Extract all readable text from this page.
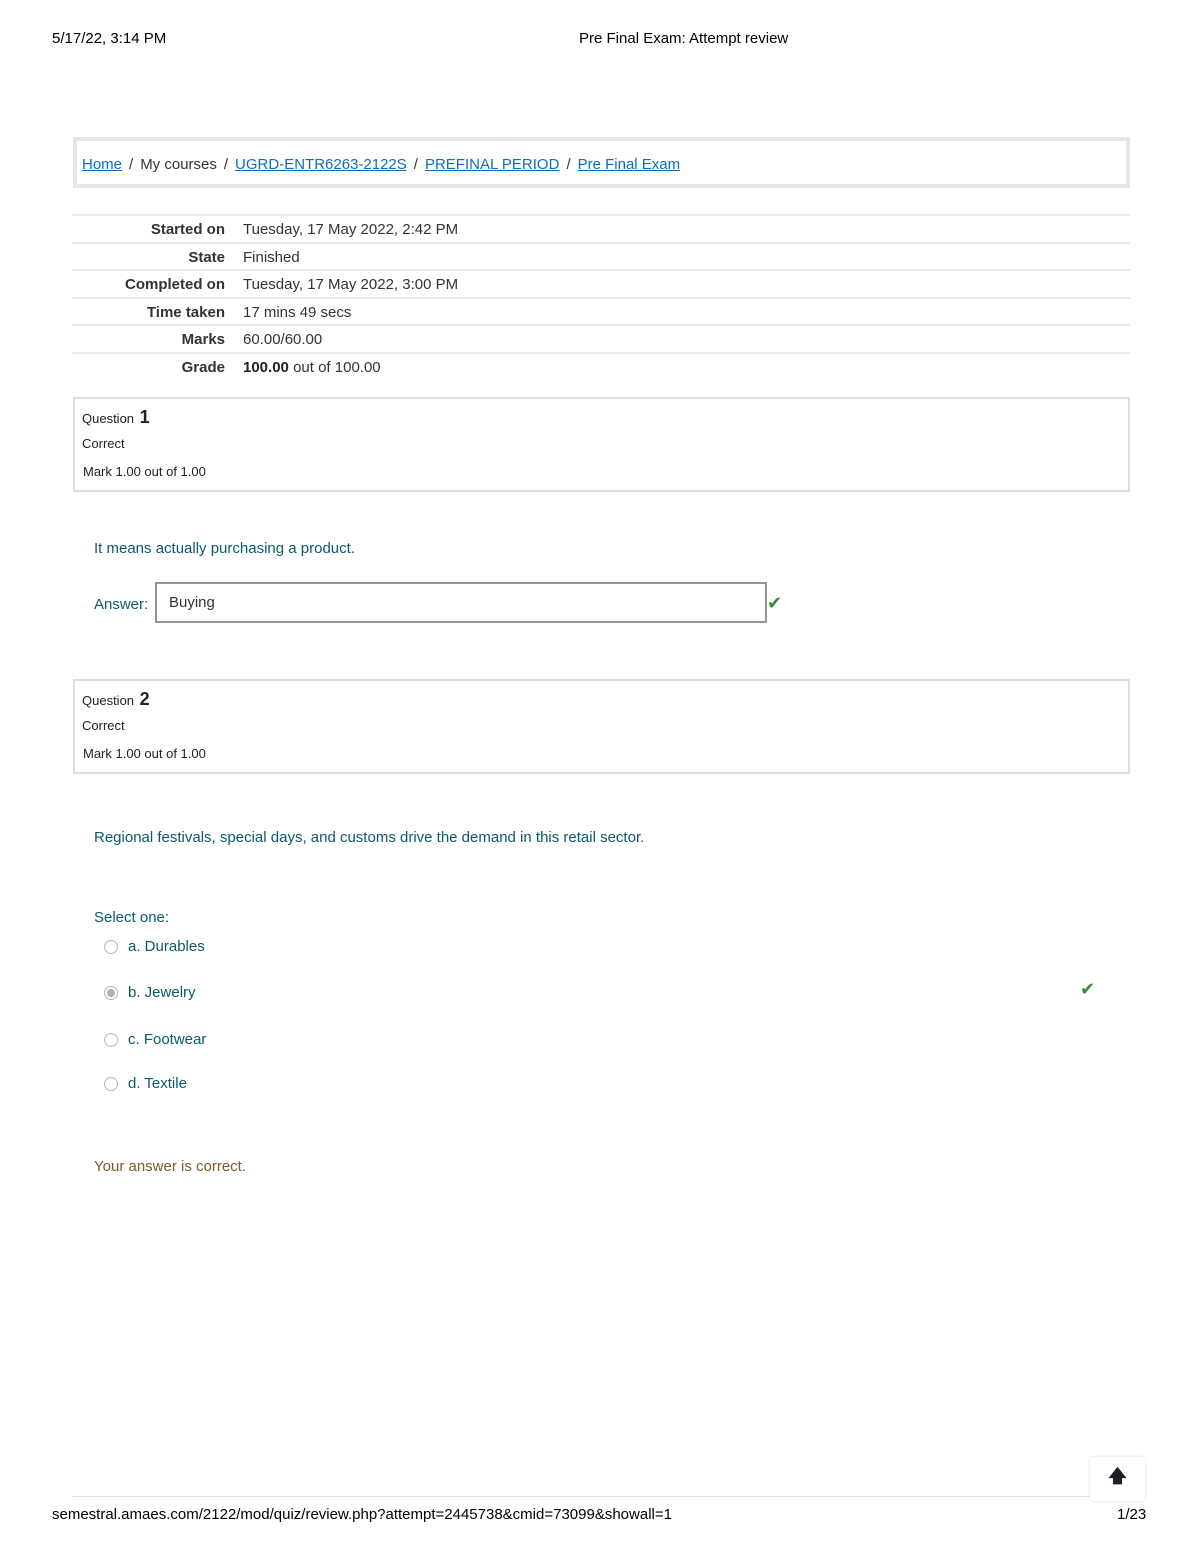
5/17/22, 3:14 PM	Pre Final Exam: Attempt review
Home / My courses / UGRD-ENTR6263-2122S / PREFINAL PERIOD / Pre Final Exam
Started on Tuesday, 17 May 2022, 2:42 PM
State Finished
Completed on Tuesday, 17 May 2022, 3:00 PM
Time taken 17 mins 49 secs
Marks 60.00/60.00
Grade 100.00 out of 100.00
Question 1
Correct
Mark 1.00 out of 1.00
It means actually purchasing a product.
Answer:	Buying	✔
Question 2
Correct
Mark 1.00 out of 1.00
Regional festivals, special days, and customs drive the demand in this retail sector.
Select one:
a. Durables
b. Jewelry
c. Footwear
d. Textile
✔
Your answer is correct.
🡅
semestral.amaes.com/2122/mod/quiz/review.php?attempt=2445738&cmid=73099&showall=1	1/23
